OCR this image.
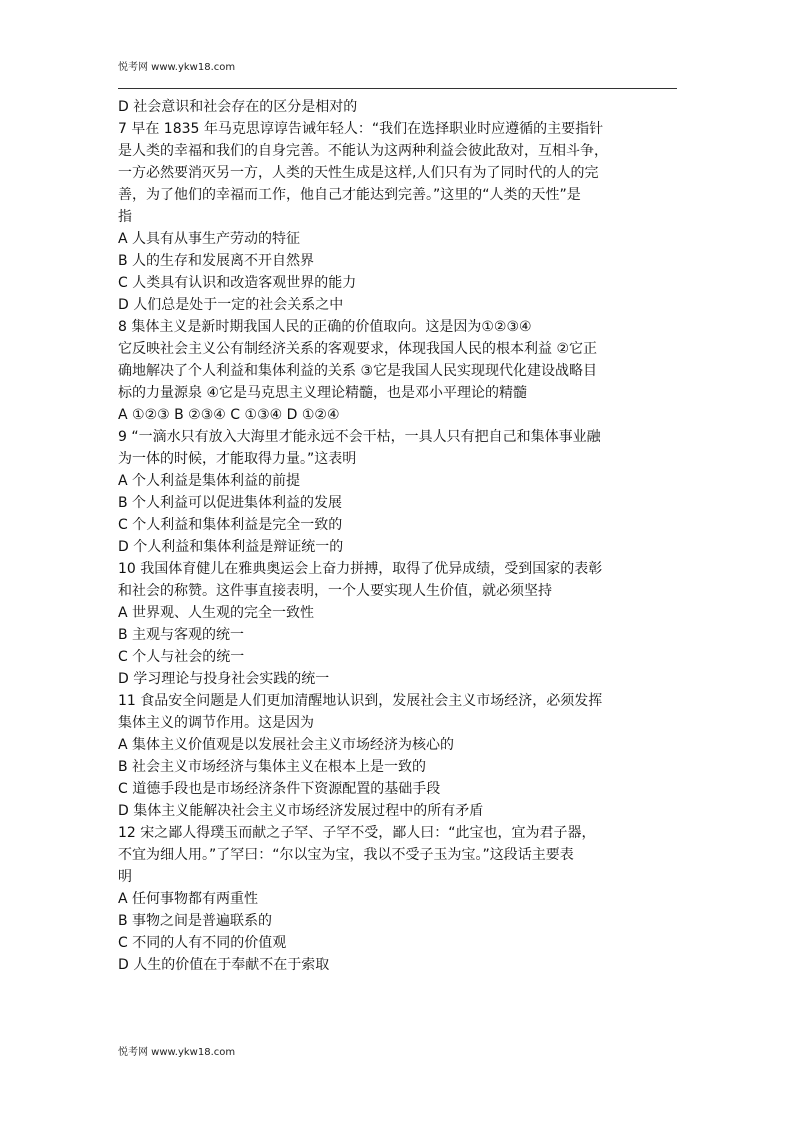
悦考网 www.ykw18.com
D 社会意识和社会存在的区分是相对的
7 早在 1835 年马克思谆谆告诫年轻人：“我们在选择职业时应遵循的主要指针
是人类的幸福和我们的自身完善。不能认为这两种利益会彼此敌对，互相斗争，
一方必然要消灭另一方，人类的天性生成是这样,人们只有为了同时代的人的完
善，为了他们的幸福而工作，他自己才能达到完善。”这里的“人类的天性”是
指
A 人具有从事生产劳动的特征
B 人的生存和发展离不开自然界
C 人类具有认识和改造客观世界的能力
D 人们总是处于一定的社会关系之中
8 集体主义是新时期我国人民的正确的价值取向。这是因为①②③④
它反映社会主义公有制经济关系的客观要求，体现我国人民的根本利益 ②它正
确地解决了个人利益和集体利益的关系 ③它是我国人民实现现代化建设战略目
标的力量源泉 ④它是马克思主义理论精髓，也是邓小平理论的精髓
A ①②③ B ②③④ C ①③④ D ①②④
9 “一滴水只有放入大海里才能永远不会干枯，一具人只有把自己和集体事业融
为一体的时候，才能取得力量。”这表明
A 个人利益是集体利益的前提
B 个人利益可以促进集体利益的发展
C 个人利益和集体利益是完全一致的
D 个人利益和集体利益是辩证统一的
10 我国体育健儿在雅典奥运会上奋力拼搏，取得了优异成绩，受到国家的表彰
和社会的称赞。这件事直接表明，一个人要实现人生价值，就必须坚持
A 世界观、人生观的完全一致性
B 主观与客观的统一
C 个人与社会的统一
D 学习理论与投身社会实践的统一
11 食品安全问题是人们更加清醒地认识到，发展社会主义市场经济，必须发挥
集体主义的调节作用。这是因为
A 集体主义价值观是以发展社会主义市场经济为核心的
B 社会主义市场经济与集体主义在根本上是一致的
C 道德手段也是市场经济条件下资源配置的基础手段
D 集体主义能解决社会主义市场经济发展过程中的所有矛盾
12 宋之鄙人得璞玉而献之子罕、子罕不受，鄙人曰：“此宝也，宜为君子器，
不宜为细人用。”了罕曰：“尔以宝为宝，我以不受子玉为宝。”这段话主要表
明
A 任何事物都有两重性
B 事物之间是普遍联系的
C 不同的人有不同的价值观
D 人生的价值在于奉献不在于索取
悦考网 www.ykw18.com
